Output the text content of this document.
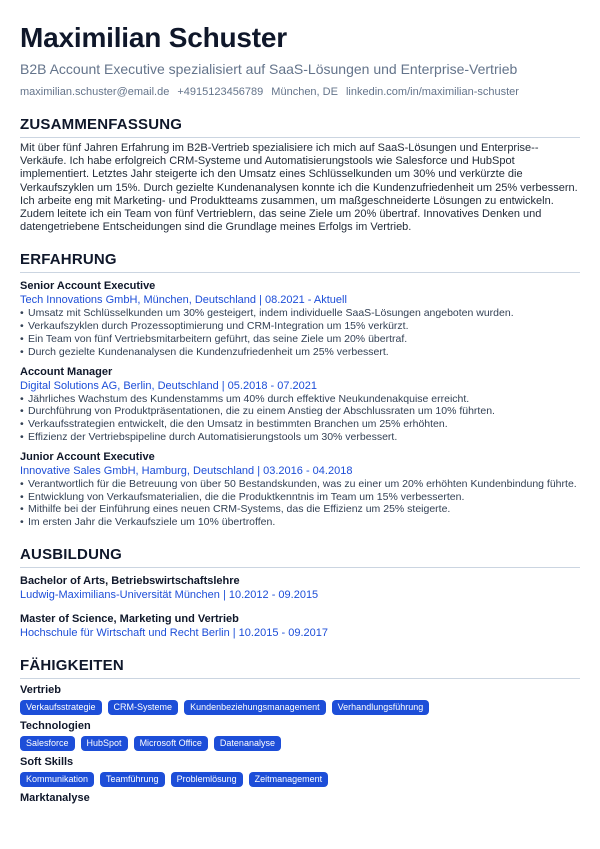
Maximilian Schuster
B2B Account Executive spezialisiert auf SaaS-Lösungen und Enterprise-Vertrieb
maximilian.schuster@email.de +4915123456789 München, DE linkedin.com/in/maximilian-schuster
ZUSAMMENFASSUNG

Mit über fünf Jahren Erfahrung im B2B-Vertrieb spezialisiere ich mich auf SaaS-Lösungen und Enterprise--Verkäufe. Ich habe erfolgreich CRM-Systeme und Automatisierungstools wie Salesforce und HubSpot implementiert. Letztes Jahr steigerte ich den Umsatz eines Schlüsselkunden um 30% und verkürzte die Verkaufszyklen um 15%. Durch gezielte Kundenanalysen konnte ich die Kundenzufriedenheit um 25% verbessern. Ich arbeite eng mit Marketing- und Produktteams zusammen, um maßgeschneiderte Lösungen zu entwickeln. Zudem leitete ich ein Team von fünf Vertrieblern, das seine Ziele um 20% übertraf. Innovatives Denken und datengetriebene Entscheidungen sind die Grundlage meines Erfolgs im Vertrieb.

ERFAHRUNG
Senior Account Executive
Tech Innovations GmbH, München, Deutschland | 08.2021 - Aktuell
• Umsatz mit Schlüsselkunden um 30% gesteigert, indem individuelle SaaS-Lösungen angeboten wurden.
• Verkaufszyklen durch Prozessoptimierung und CRM-Integration um 15% verkürzt.
• Ein Team von fünf Vertriebsmitarbeitern geführt, das seine Ziele um 20% übertraf.
• Durch gezielte Kundenanalysen die Kundenzufriedenheit um 25% verbessert.
Account Manager
Digital Solutions AG, Berlin, Deutschland | 05.2018 - 07.2021
• Jährliches Wachstum des Kundenstamms um 40% durch effektive Neukundenakquise erreicht.
• Durchführung von Produktpräsentationen, die zu einem Anstieg der Abschlussraten um 10% führten.
• Verkaufsstrategien entwickelt, die den Umsatz in bestimmten Branchen um 25% erhöhten.
• Effizienz der Vertriebspipeline durch Automatisierungstools um 30% verbessert.
Junior Account Executive
Innovative Sales GmbH, Hamburg, Deutschland | 03.2016 - 04.2018
• Verantwortlich für die Betreuung von über 50 Bestandskunden, was zu einer um 20% erhöhten Kundenbindung führte.
• Entwicklung von Verkaufsmaterialien, die die Produktkenntnis im Team um 15% verbesserten.
• Mithilfe bei der Einführung eines neuen CRM-Systems, das die Effizienz um 25% steigerte.
• Im ersten Jahr die Verkaufsziele um 10% übertroffen.
AUSBILDUNG
Bachelor of Arts, Betriebswirtschaftslehre
Ludwig-Maximilians-Universität München | 10.2012 - 09.2015
Master of Science, Marketing und Vertrieb
Hochschule für Wirtschaft und Recht Berlin | 10.2015 - 09.2017
FÄHIGKEITEN
Vertrieb
Verkaufsstrategie	CRM-Systeme	Kundenbeziehungsmanagement	Verhandlungsführung
Technologien
Salesforce	HubSpot	Microsoft Office	Datenanalyse
Soft Skills
Kommunikation	Teamführung	Problemlösung	Zeitmanagement
Marktanalyse
